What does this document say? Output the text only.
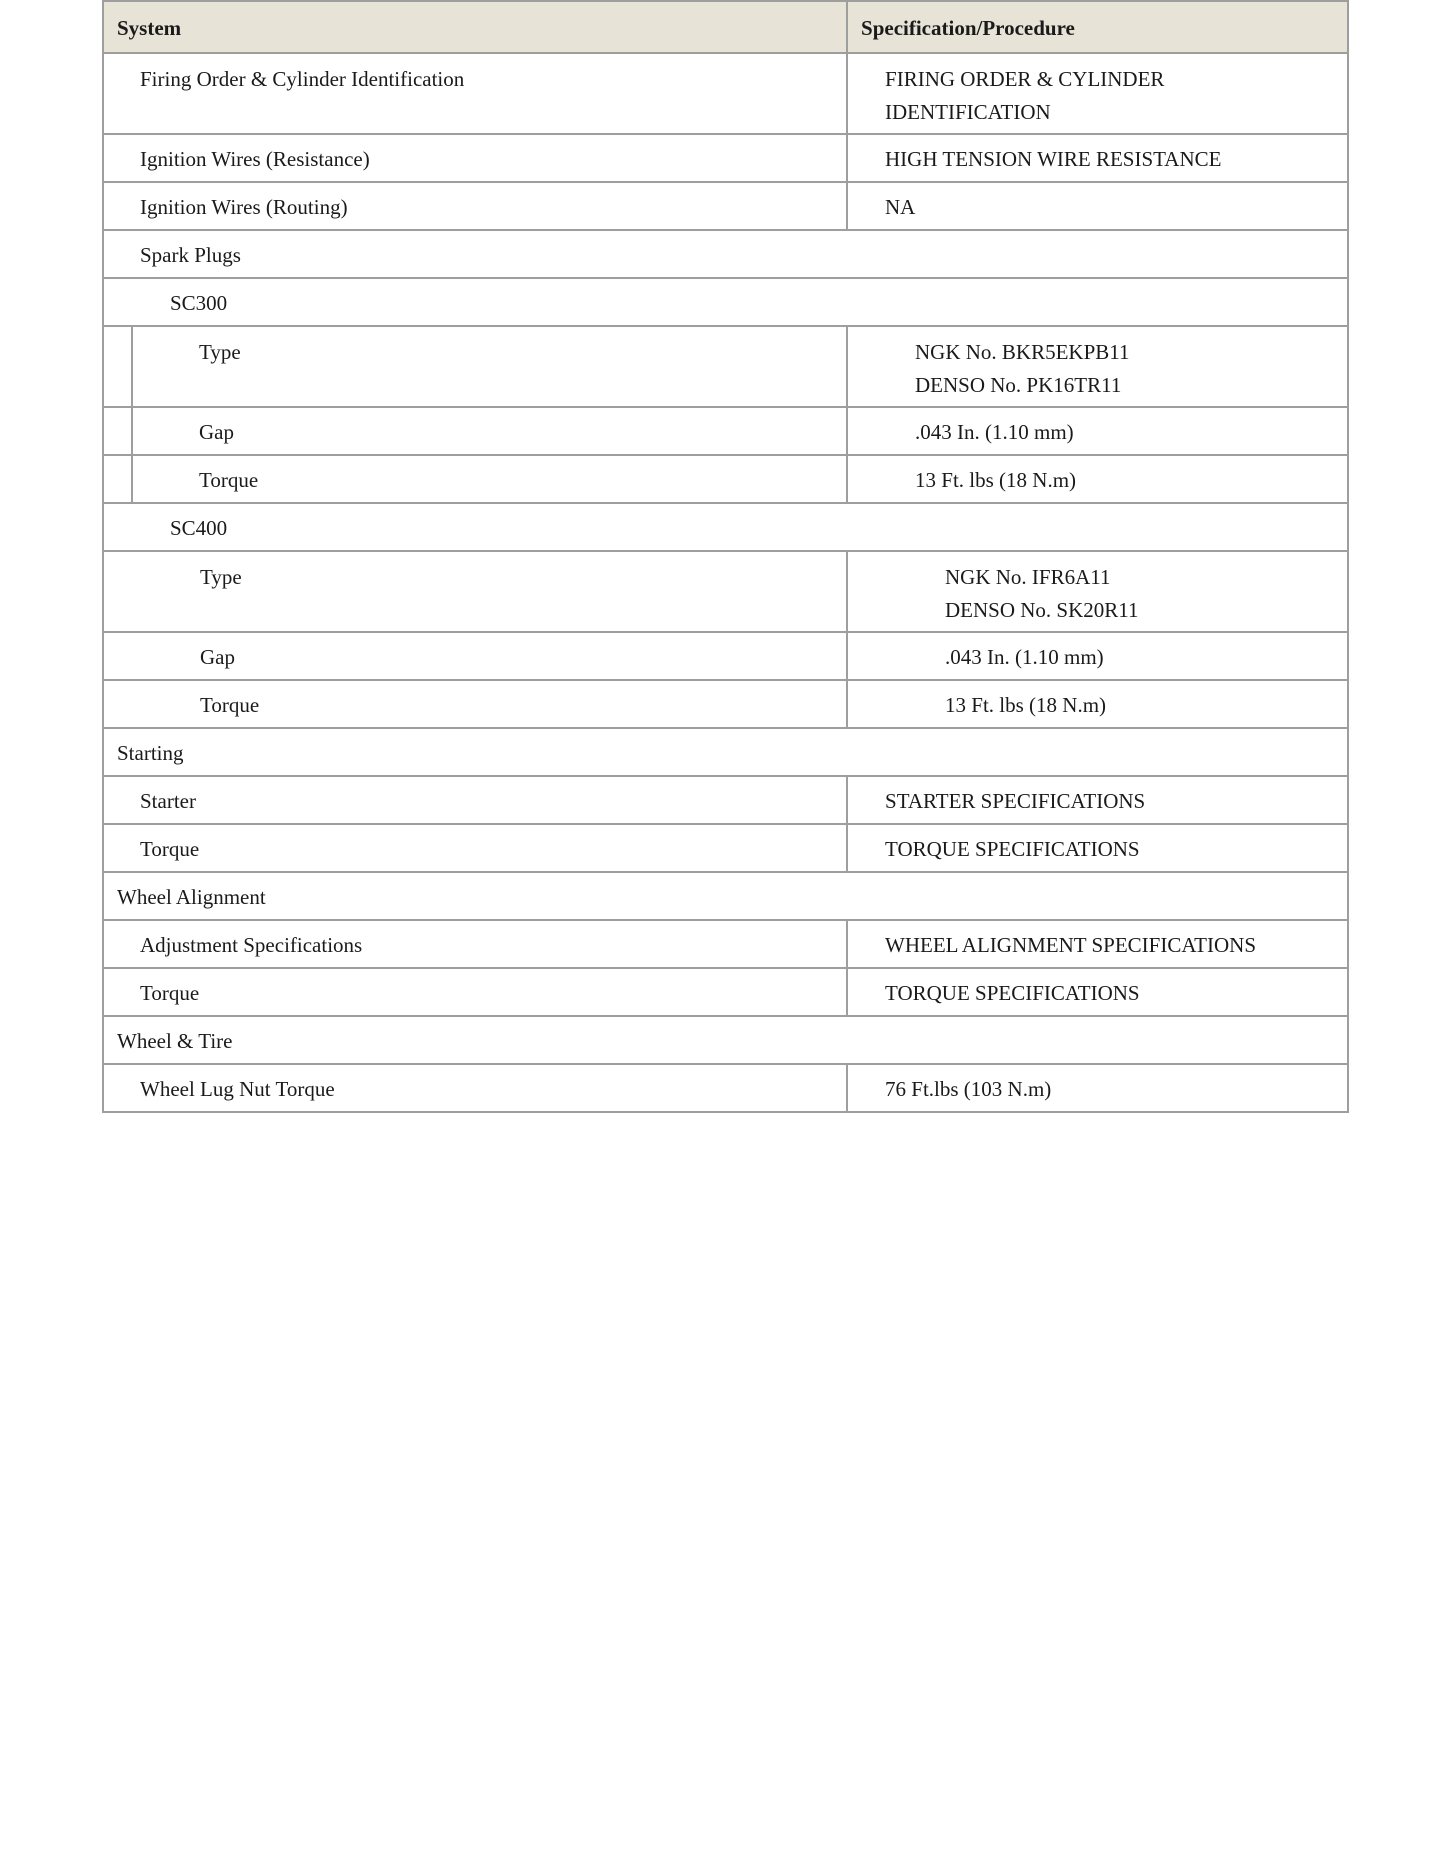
System		Specification/Procedure

Firing Order & Cylinder Identification		FIRING ORDER & CYLINDER
IDENTIFICATION

Ignition Wires (Resistance)		HIGH TENSION WIRE RESISTANCE

Ignition Wires (Routing)		NA

Spark Plugs		

SC300		

	Type	NGK No. BKR5EKPB11
DENSO No. PK16TR11

	Gap	.043 In. (1.10 mm)

	Torque	13 Ft. lbs (18 N.m)

SC400		

Type		NGK No. IFR6A11
DENSO No. SK20R11

Gap		.043 In. (1.10 mm)

Torque		13 Ft. lbs (18 N.m)

Starting		

Starter		STARTER SPECIFICATIONS

Torque		TORQUE SPECIFICATIONS

Wheel Alignment		

Adjustment Specifications		WHEEL ALIGNMENT SPECIFICATIONS

Torque		TORQUE SPECIFICATIONS

Wheel & Tire		

Wheel Lug Nut Torque		76 Ft.lbs (103 N.m)
